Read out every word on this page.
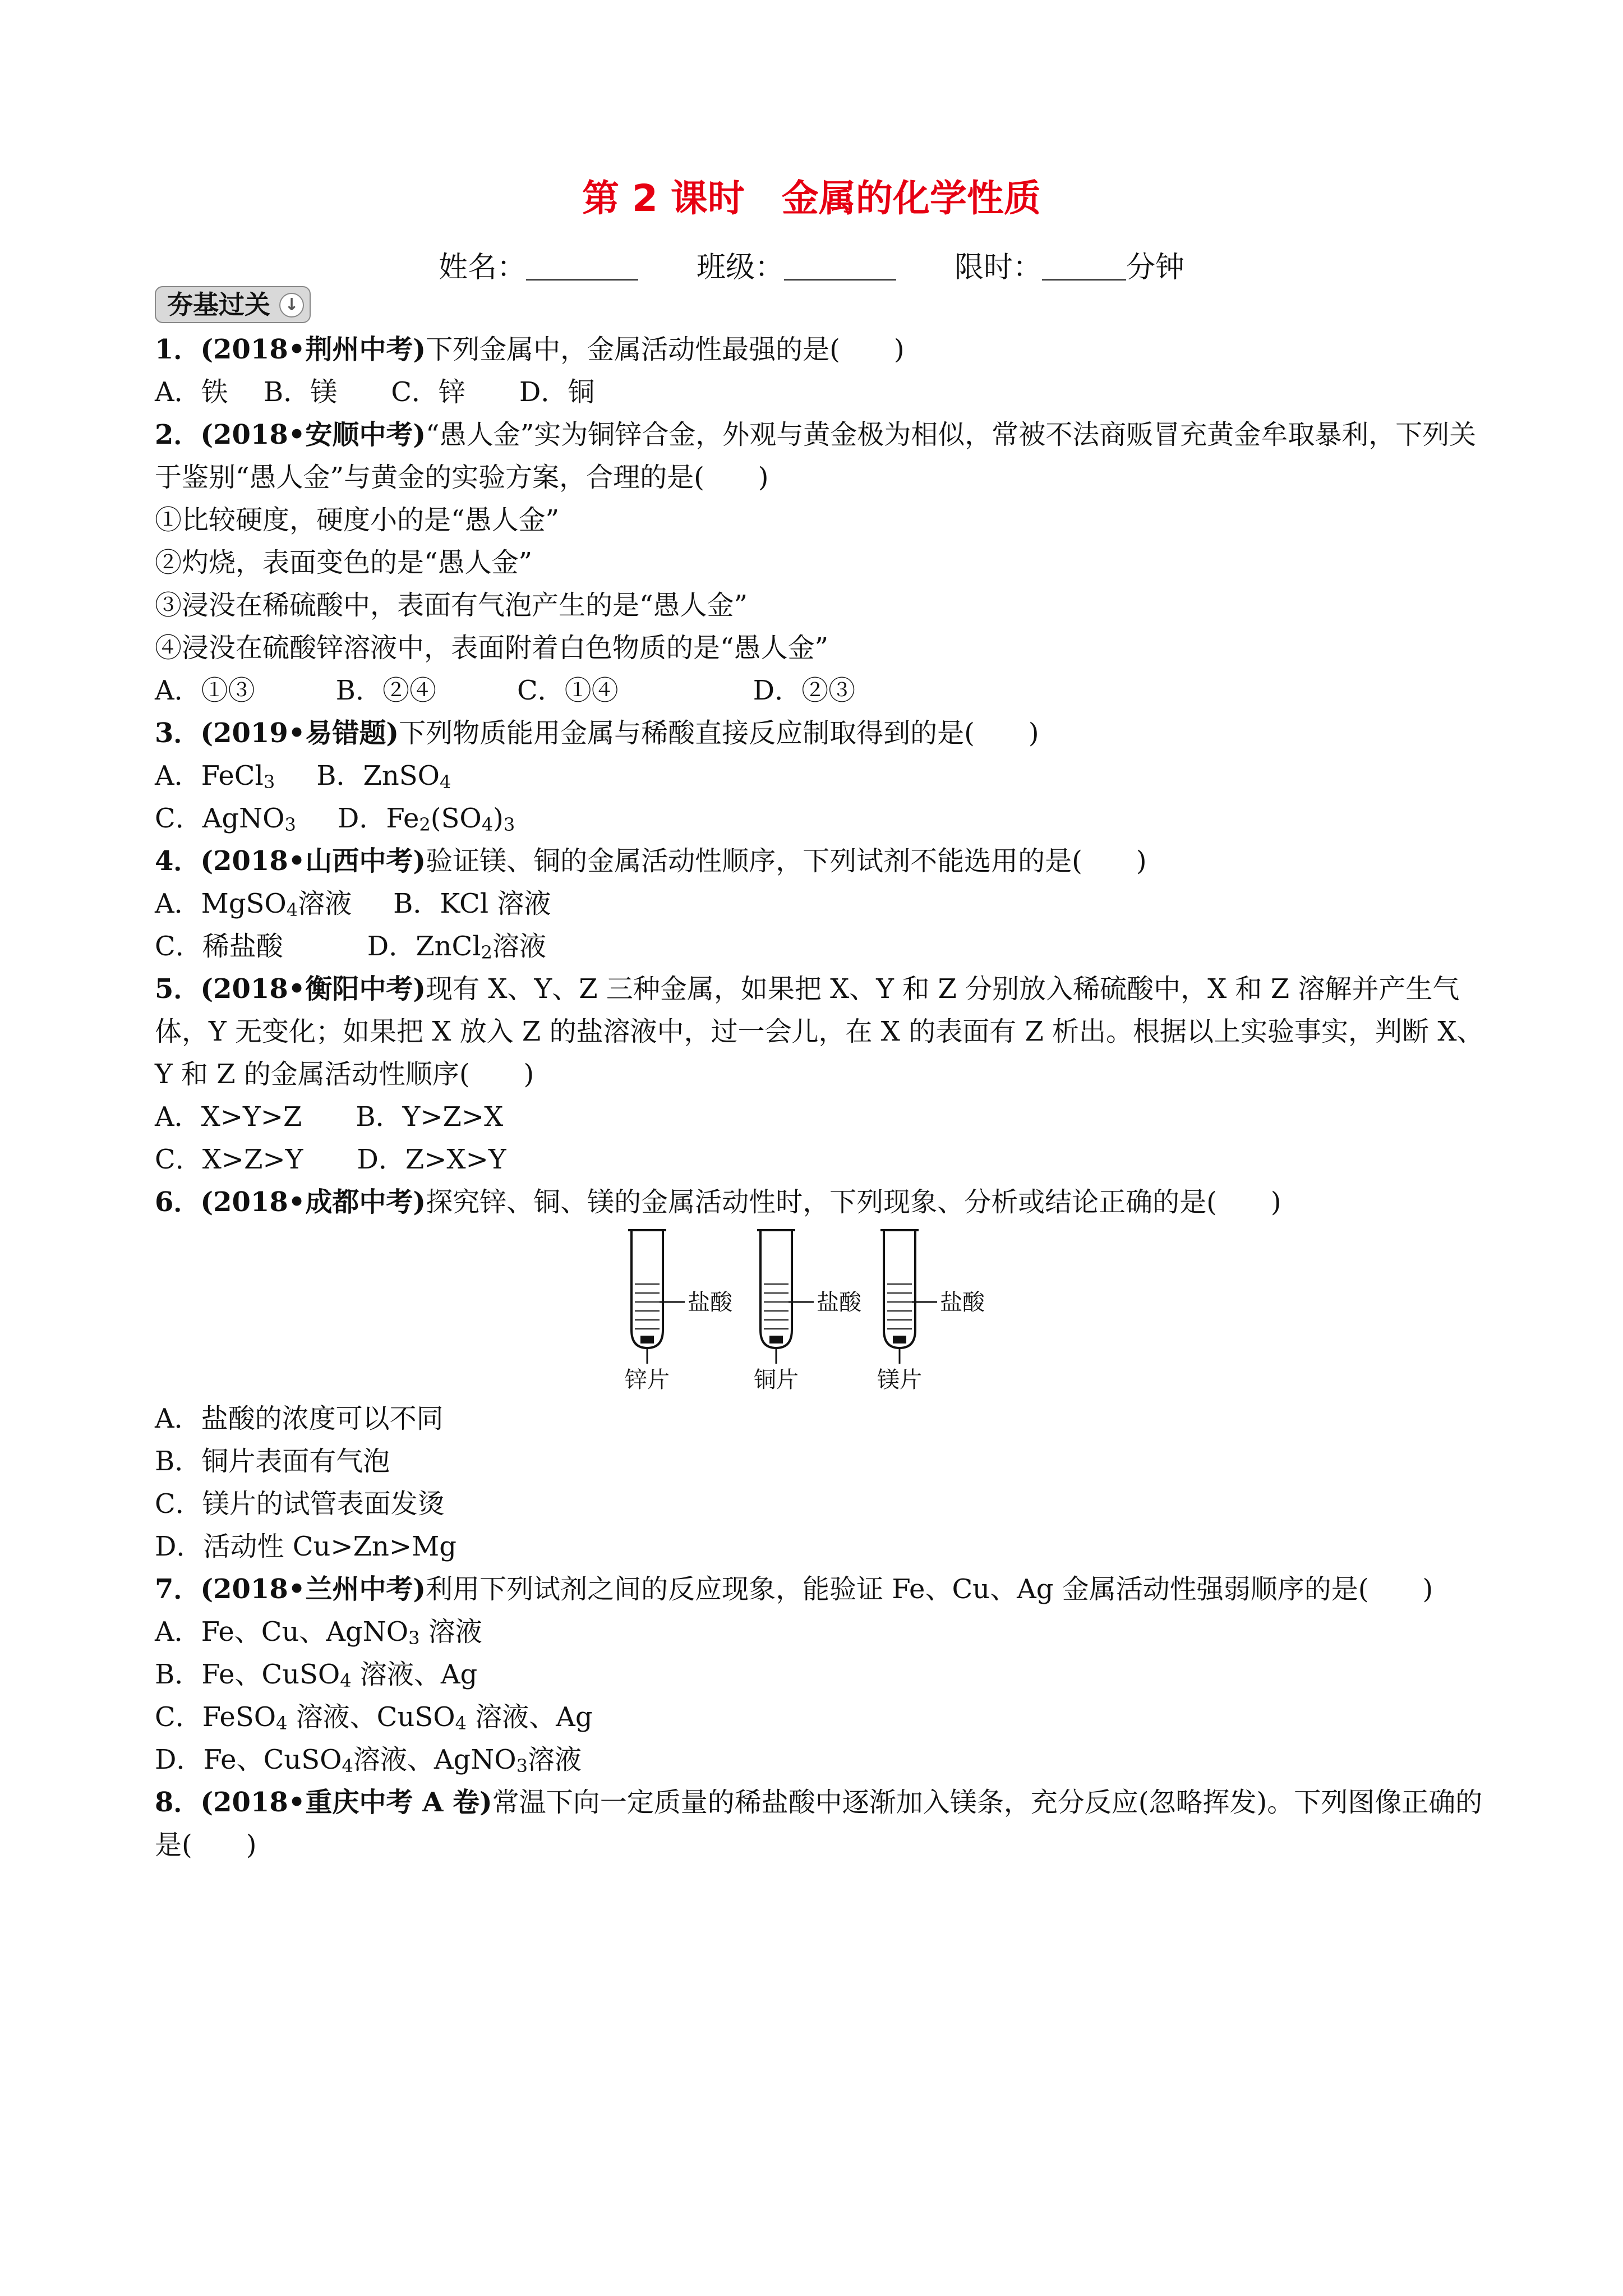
第 2 课时　金属的化学性质
姓名：　　	班级：　　	限时：	分钟
夯基过关 ↓
1．(2018•荆州中考)下列金属中，金属活动性最强的是(　　)
A．铁　 B．镁　　C．锌　　D．铜
2．(2018•安顺中考)“愚人金”实为铜锌合金，外观与黄金极为相似，常被不法商贩冒充黄金牟取暴利，下列关于鉴别“愚人金”与黄金的实验方案，合理的是(　　)
①比较硬度，硬度小的是“愚人金”
②灼烧，表面变色的是“愚人金”
③浸没在稀硫酸中，表面有气泡产生的是“愚人金”
④浸没在硫酸锌溶液中，表面附着白色物质的是“愚人金”
A．①③　　　B．②④　　　C．①④　　　　　D．②③
3．(2019•易错题)下列物质能用金属与稀酸直接反应制取得到的是(　　)
A．FeCl$_3$ B．ZnSO$_4$
C．AgNO$_3$ D．$Fe_2(SO_4)_3$
4．(2018•山西中考)验证镁、铜的金属活动性顺序，下列试剂不能选用的是(　　)
A．MgSO$_4$溶液 B．KCl 溶液
C．稀盐酸	D．ZnCl$_2$溶液
5．(2018•衡阳中考)现有 X、Y、Z 三种金属，如果把 X、Y 和 Z 分别放入稀硫酸中，X 和 Z 溶解并产生气体，Y 无变化；如果把 X 放入 Z 的盐溶液中，过一会儿，在 X 的表面有 Z 析出。根据以上实验事实，判断 X、Y 和 Z 的金属活动性顺序(　　)
A．X>Y>Z　　B．Y>Z>X
C．X>Z>Y　　D．Z>X>Y
6．(2018•成都中考)探究锌、铜、镁的金属活动性时，下列现象、分析或结论正确的是(　　)
盐酸	盐酸	盐酸
锌片	铜片	镁片
A．盐酸的浓度可以不同
B．铜片表面有气泡
C．镁片的试管表面发烫
D．活动性 Cu>Zn>Mg
7．(2018•兰州中考)利用下列试剂之间的反应现象，能验证 Fe、Cu、Ag 金属活动性强弱顺序的是(　　)
A．Fe、Cu、AgNO$_3$ 溶液
B．Fe、CuSO$_4$ 溶液、Ag
C．FeSO$_4$ 溶液、CuSO$_4$ 溶液、Ag
D．Fe、CuSO$_4$溶液、AgNO$_3$溶液
8．(2018•重庆中考 A 卷)常温下向一定质量的稀盐酸中逐渐加入镁条，充分反应(忽略挥发)。下列图像正确的是(　　)
